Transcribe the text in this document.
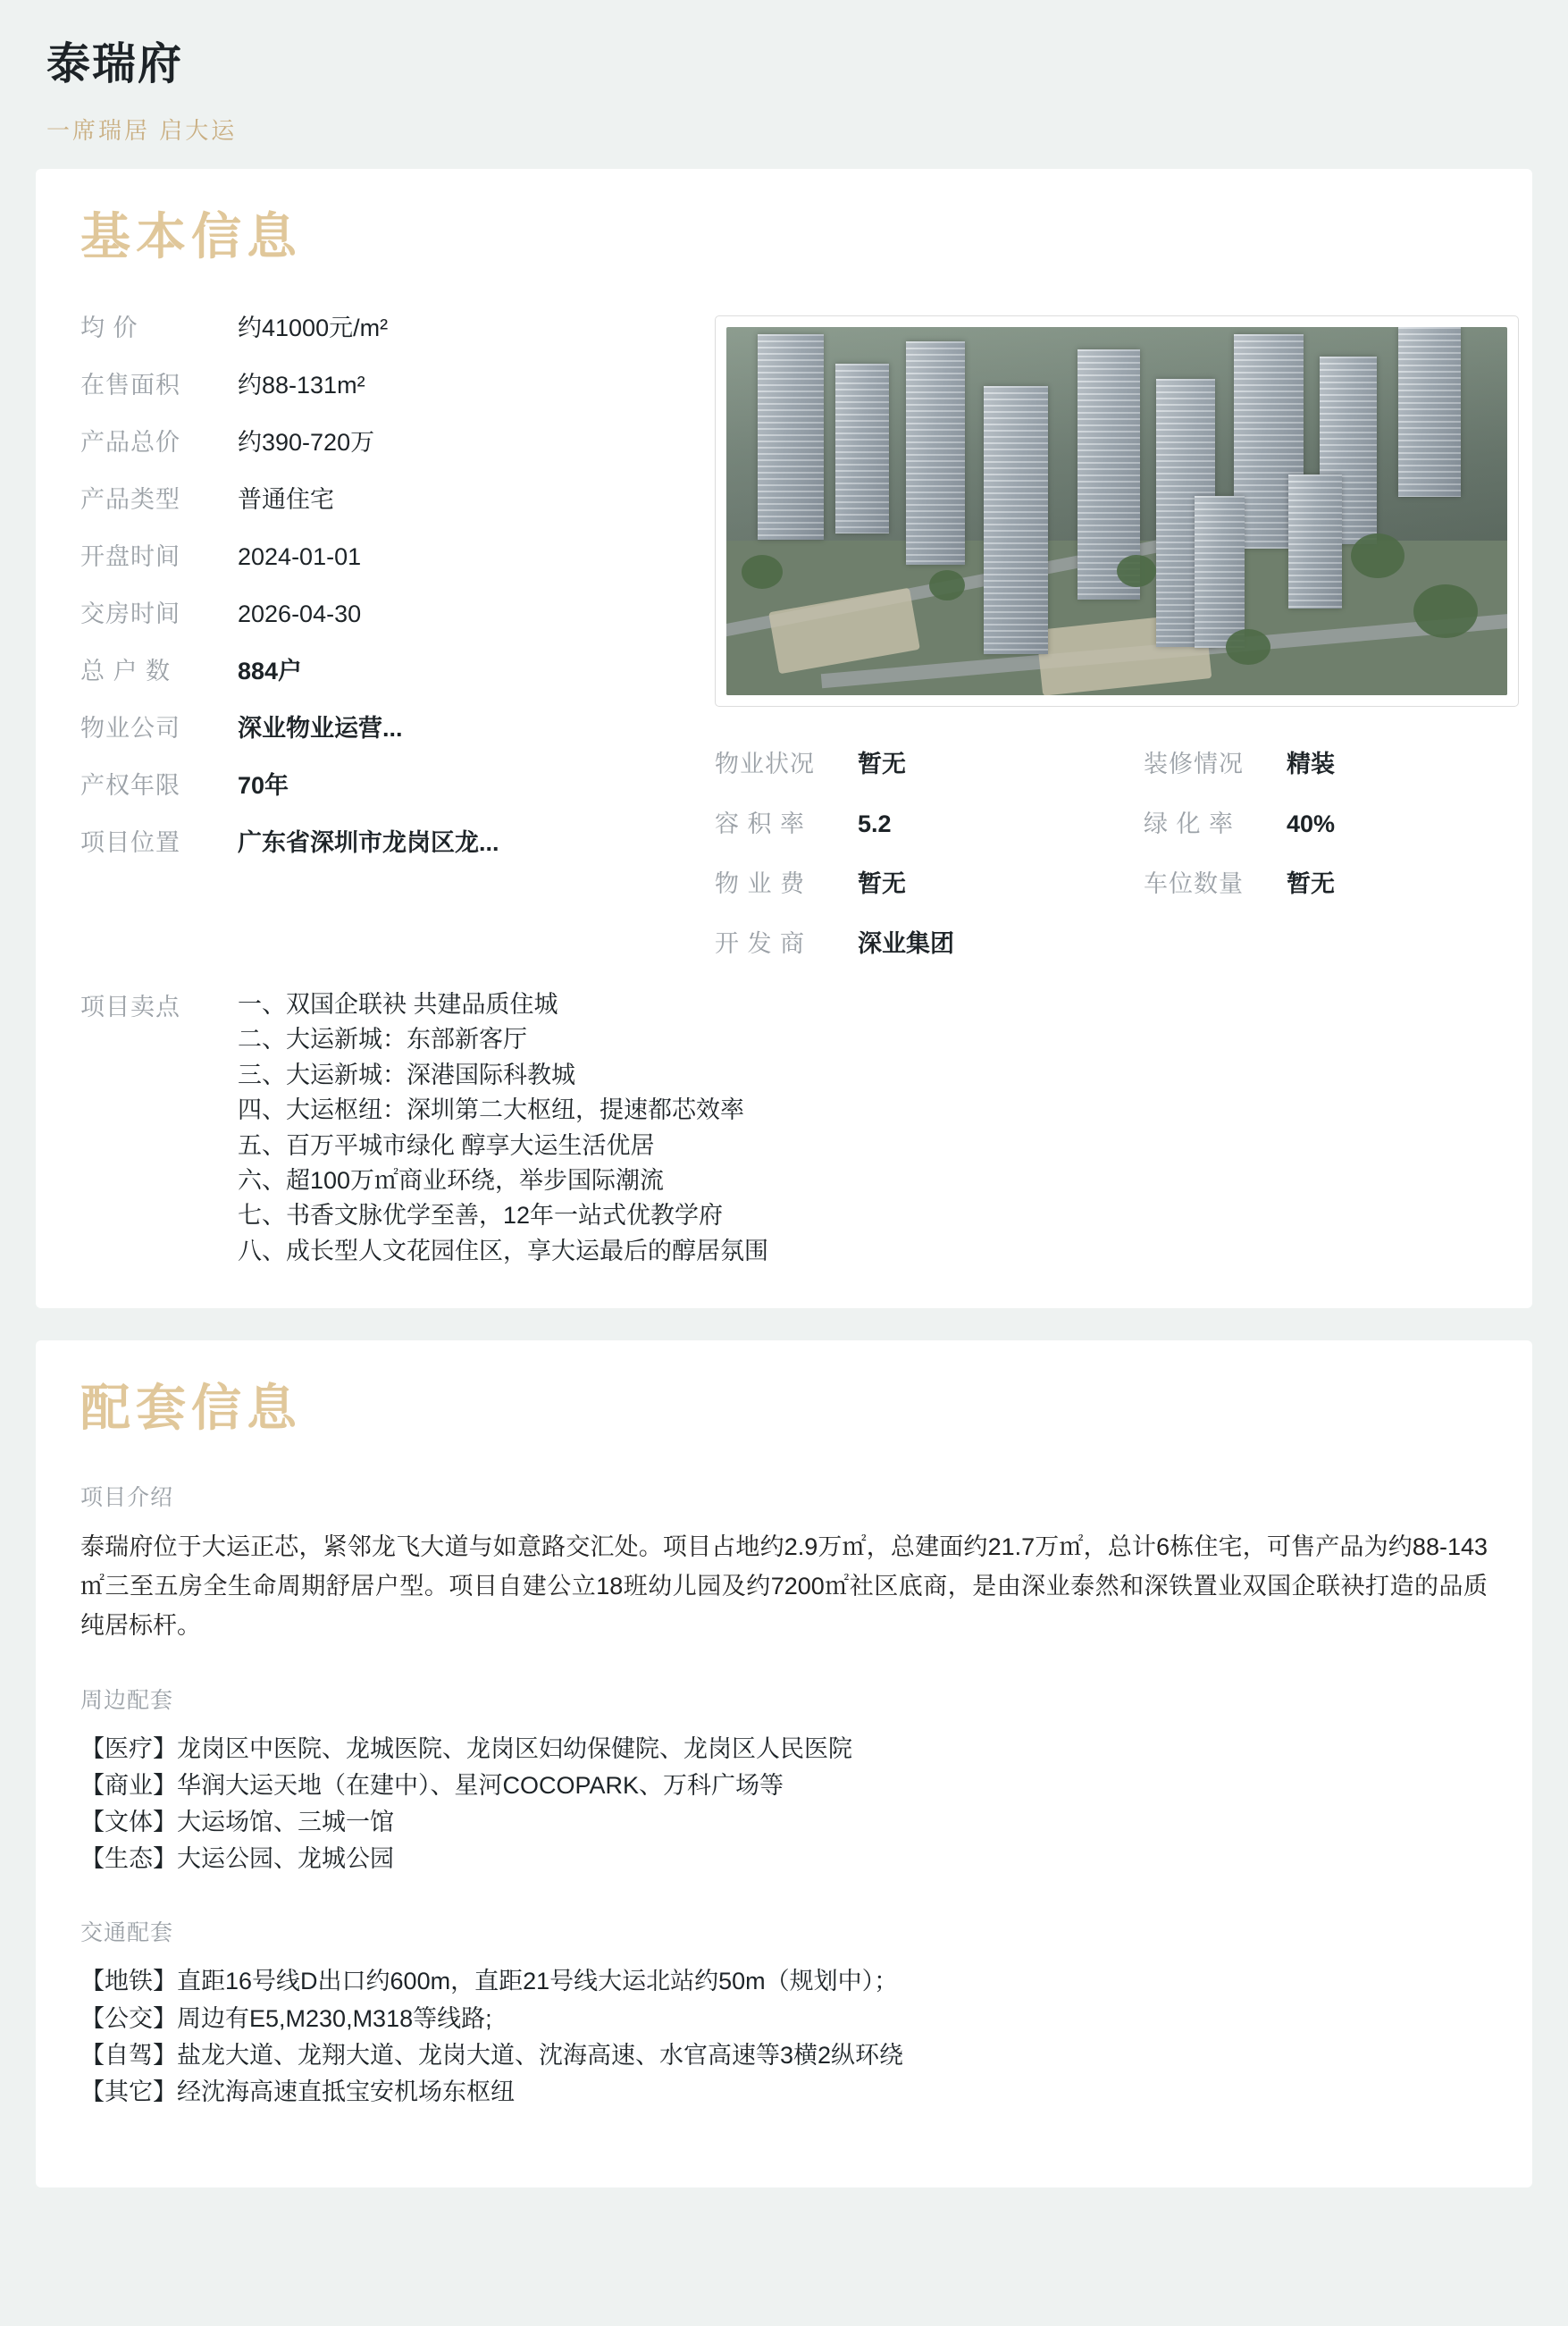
泰瑞府

一席瑞居 启大运

基本信息
均 价	约41000元/m²
在售面积	约88-131m²
产品总价	约390-720万
产品类型	普通住宅
开盘时间	2024-01-01
交房时间	2026-04-30
总 户 数	884户
物业公司	深业物业运营...
产权年限	70年
项目位置	广东省深圳市龙岗区龙...
物业状况	暂无
容 积 率	5.2
物 业 费	暂无
开 发 商	深业集团
装修情况	精装
绿 化 率	40%
车位数量	暂无
项目卖点	一、双国企联袂 共建品质住城
二、大运新城：东部新客厅
三、大运新城：深港国际科教城
四、大运枢纽：深圳第二大枢纽，提速都芯效率
五、百万平城市绿化 醇享大运生活优居
六、超100万㎡商业环绕，举步国际潮流
七、书香文脉优学至善，12年一站式优教学府
八、成长型人文花园住区，享大运最后的醇居氛围
配套信息
项目介绍

泰瑞府位于大运正芯，紧邻龙飞大道与如意路交汇处。项目占地约2.9万㎡，总建面约21.7万㎡，总计6栋住宅，可售产品为约88-143㎡三至五房全生命周期舒居户型。项目自建公立18班幼儿园及约7200㎡社区底商，是由深业泰然和深铁置业双国企联袂打造的品质纯居标杆。

周边配套
【医疗】龙岗区中医院、龙城医院、龙岗区妇幼保健院、龙岗区人民医院
【商业】华润大运天地（在建中）、星河COCOPARK、万科广场等
【文体】大运场馆、三城一馆
【生态】大运公园、龙城公园
交通配套
【地铁】直距16号线D出口约600m，直距21号线大运北站约50m（规划中）；
【公交】周边有E5,M230,M318等线路;
【自驾】盐龙大道、龙翔大道、龙岗大道、沈海高速、水官高速等3横2纵环绕
【其它】经沈海高速直抵宝安机场东枢纽
